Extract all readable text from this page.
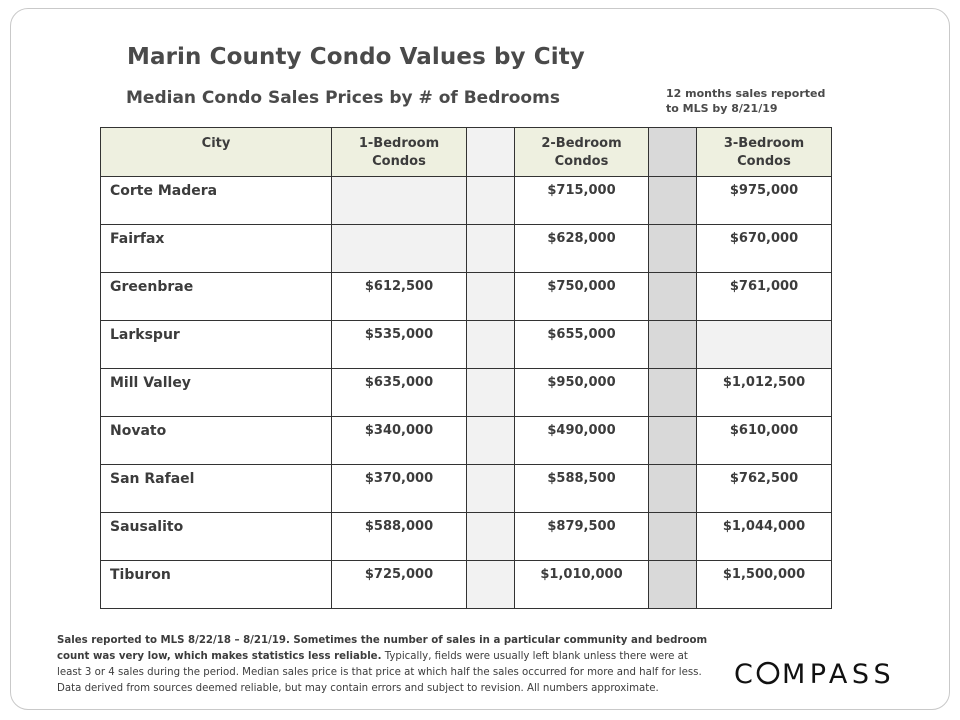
Marin County Condo Values by City
Median Condo Sales Prices by # of Bedrooms	12 months sales reported
to MLS by 8/21/19
City	1-Bedroom
Condos		2-Bedroom
Condos		3-Bedroom
Condos
Corte Madera			$715,000		$975,000
Fairfax			$628,000		$670,000
Greenbrae	$612,500		$750,000		$761,000
Larkspur	$535,000		$655,000		
Mill Valley	$635,000		$950,000		$1,012,500
Novato	$340,000		$490,000		$610,000
San Rafael	$370,000		$588,500		$762,500
Sausalito	$588,000		$879,500		$1,044,000
Tiburon	$725,000		$1,010,000		$1,500,000
Sales reported to MLS 8/22/18 – 8/21/19. Sometimes the number of sales in a particular community and bedroom count was very low, which makes statistics less reliable. Typically, fields were usually left blank unless there were at least 3 or 4 sales during the period. Median sales price is that price at which half the sales occurred for more and half for less. Data derived from sources deemed reliable, but may contain errors and subject to revision. All numbers approximate.	C MPASS
